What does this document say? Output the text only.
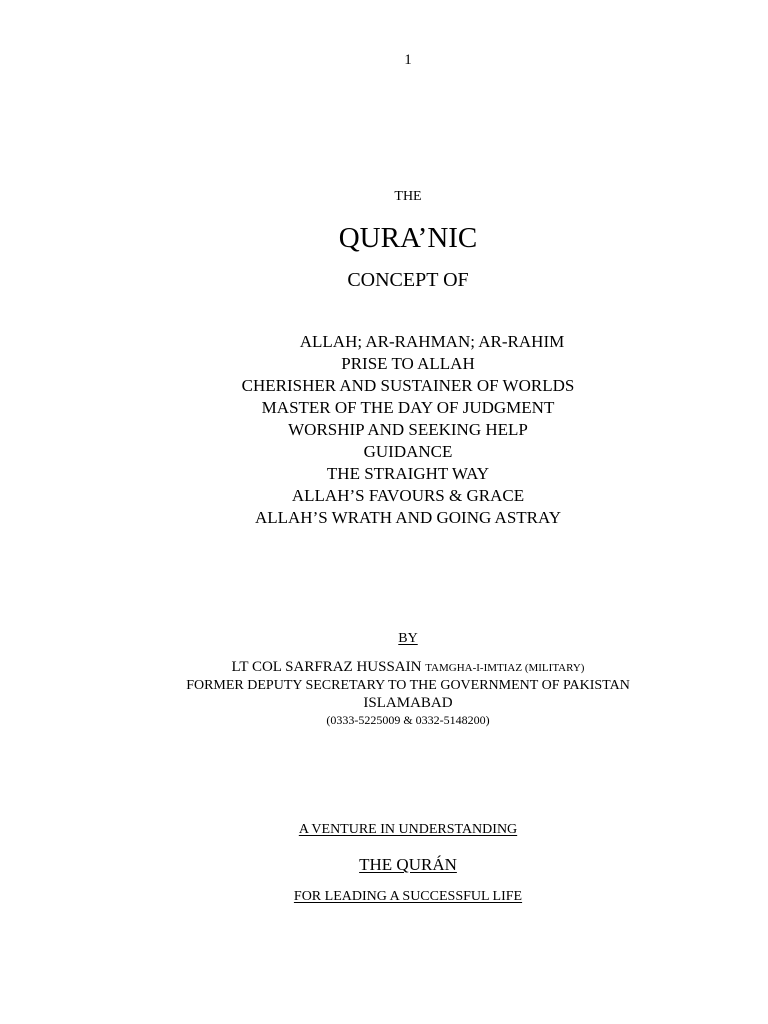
1
THE
QURA’NIC
CONCEPT OF
ALLAH; AR-RAHMAN; AR-RAHIM
PRISE TO ALLAH
CHERISHER AND SUSTAINER OF WORLDS
MASTER OF THE DAY OF JUDGMENT
WORSHIP AND SEEKING HELP
GUIDANCE
THE STRAIGHT WAY
ALLAH’S FAVOURS & GRACE
ALLAH’S WRATH AND GOING ASTRAY
BY
LT COL SARFRAZ HUSSAIN TAMGHA-I-IMTIAZ (MILITARY)
FORMER DEPUTY SECRETARY TO THE GOVERNMENT OF PAKISTAN
ISLAMABAD
(0333-5225009 & 0332-5148200)
A VENTURE IN UNDERSTANDING
THE QURÁN
FOR LEADING A SUCCESSFUL LIFE
